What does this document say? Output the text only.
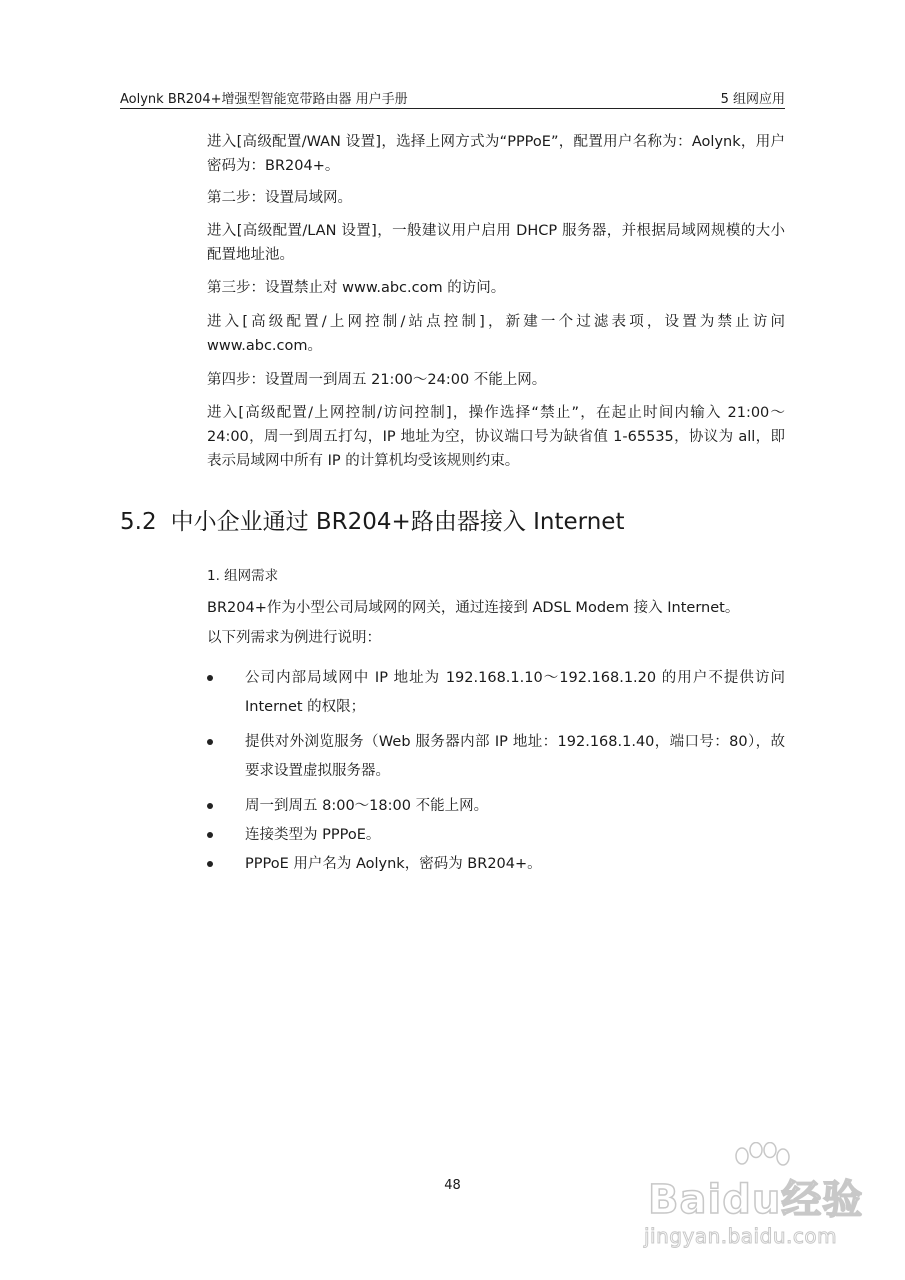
Aolynk BR204+增强型智能宽带路由器 用户手册	5 组网应用

进入[高级配置/WAN 设置]，选择上网方式为“PPPoE”，配置用户名称为：Aolynk，用户密码为：BR204+。

第二步：设置局域网。

进入[高级配置/LAN 设置]，一般建议用户启用 DHCP 服务器，并根据局域网规模的大小配置地址池。

第三步：设置禁止对 www.abc.com 的访问。

进入[高级配置/上网控制/站点控制]，新建一个过滤表项，设置为禁止访问 www.abc.com。

第四步：设置周一到周五 21:00～24:00 不能上网。

进入[高级配置/上网控制/访问控制]，操作选择“禁止”，在起止时间内输入 21:00～24:00，周一到周五打勾，IP 地址为空，协议端口号为缺省值 1-65535，协议为 all，即表示局域网中所有 IP 的计算机均受该规则约束。

5.2 中小企业通过 BR204+路由器接入 Internet
1. 组网需求

BR204+作为小型公司局域网的网关，通过连接到 ADSL Modem 接入 Internet。

以下列需求为例进行说明：

公司内部局域网中 IP 地址为 192.168.1.10～192.168.1.20 的用户不提供访问 Internet 的权限；
提供对外浏览服务（Web 服务器内部 IP 地址：192.168.1.40，端口号：80），故要求设置虚拟服务器。
周一到周五 8:00～18:00 不能上网。
连接类型为 PPPoE。
PPPoE 用户名为 Aolynk，密码为 BR204+。
48	Baidu经验
jingyan.baidu.com
